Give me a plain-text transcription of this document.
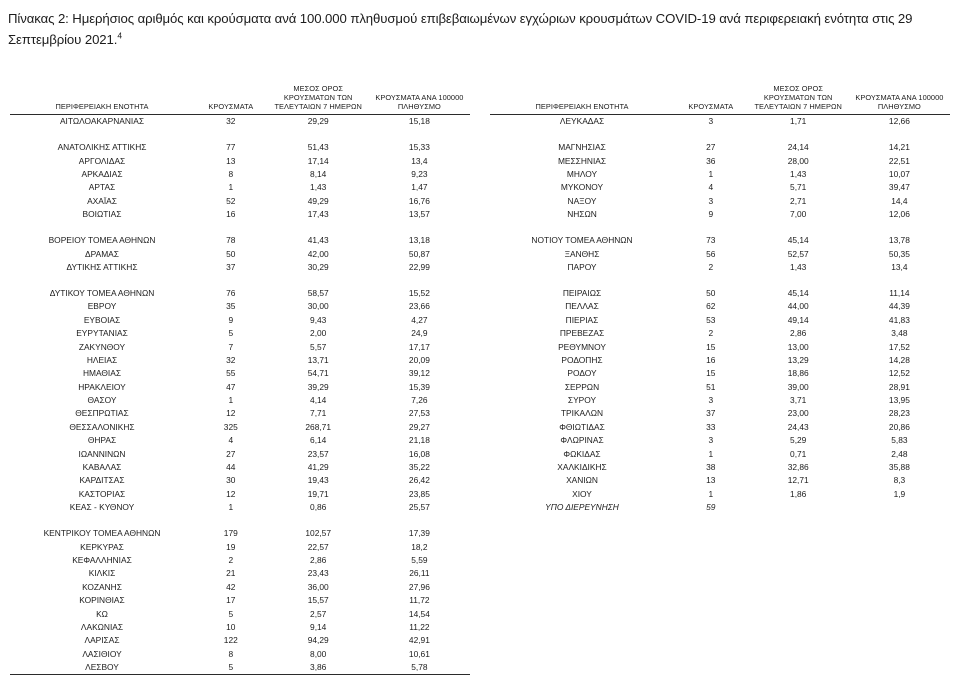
Πίνακας 2: Ημερήσιος αριθμός και κρούσματα ανά 100.000 πληθυσμού επιβεβαιωμένων εγχώριων κρουσμάτων COVID-19 ανά περιφερειακή ενότητα στις 29 Σεπτεμβρίου 2021.$^4$
ΠΕΡΙΦΕΡΕΙΑΚΗ ΕΝΟΤΗΤΑ	ΚΡΟΥΣΜΑΤΑ	ΜΕΣΟΣ ΟΡΟΣ ΚΡΟΥΣΜΑΤΩΝ ΤΩΝ
ΤΕΛΕΥΤΑΙΩΝ 7 ΗΜΕΡΩΝ	ΚΡΟΥΣΜΑΤΑ ΑΝΑ 100000
ΠΛΗΘΥΣΜΟ
ΑΙΤΩΛΟΑΚΑΡΝΑΝΙΑΣ	32	29,29	15,18

ΑΝΑΤΟΛΙΚΗΣ ΑΤΤΙΚΗΣ	77	51,43	15,33
ΑΡΓΟΛΙΔΑΣ	13	17,14	13,4
ΑΡΚΑΔΙΑΣ	8	8,14	9,23
ΑΡΤΑΣ	1	1,43	1,47
ΑΧΑΪΑΣ	52	49,29	16,76
ΒΟΙΩΤΙΑΣ	16	17,43	13,57

ΒΟΡΕΙΟΥ ΤΟΜΕΑ ΑΘΗΝΩΝ	78	41,43	13,18
ΔΡΑΜΑΣ	50	42,00	50,87
ΔΥΤΙΚΗΣ ΑΤΤΙΚΗΣ	37	30,29	22,99

ΔΥΤΙΚΟΥ ΤΟΜΕΑ ΑΘΗΝΩΝ	76	58,57	15,52
ΕΒΡΟΥ	35	30,00	23,66
ΕΥΒΟΙΑΣ	9	9,43	4,27
ΕΥΡΥΤΑΝΙΑΣ	5	2,00	24,9
ΖΑΚΥΝΘΟΥ	7	5,57	17,17
ΗΛΕΙΑΣ	32	13,71	20,09
ΗΜΑΘΙΑΣ	55	54,71	39,12
ΗΡΑΚΛΕΙΟΥ	47	39,29	15,39
ΘΑΣΟΥ	1	4,14	7,26
ΘΕΣΠΡΩΤΙΑΣ	12	7,71	27,53
ΘΕΣΣΑΛΟΝΙΚΗΣ	325	268,71	29,27
ΘΗΡΑΣ	4	6,14	21,18
ΙΩΑΝΝΙΝΩΝ	27	23,57	16,08
ΚΑΒΑΛΑΣ	44	41,29	35,22
ΚΑΡΔΙΤΣΑΣ	30	19,43	26,42
ΚΑΣΤΟΡΙΑΣ	12	19,71	23,85
ΚΕΑΣ - ΚΥΘΝΟΥ	1	0,86	25,57

ΚΕΝΤΡΙΚΟΥ ΤΟΜΕΑ ΑΘΗΝΩΝ	179	102,57	17,39
ΚΕΡΚΥΡΑΣ	19	22,57	18,2
ΚΕΦΑΛΛΗΝΙΑΣ	2	2,86	5,59
ΚΙΛΚΙΣ	21	23,43	26,11
ΚΟΖΑΝΗΣ	42	36,00	27,96
ΚΟΡΙΝΘΙΑΣ	17	15,57	11,72
ΚΩ	5	2,57	14,54
ΛΑΚΩΝΙΑΣ	10	9,14	11,22
ΛΑΡΙΣΑΣ	122	94,29	42,91
ΛΑΣΙΘΙΟΥ	8	8,00	10,61
ΛΕΣΒΟΥ	5	3,86	5,78
ΠΕΡΙΦΕΡΕΙΑΚΗ ΕΝΟΤΗΤΑ	ΚΡΟΥΣΜΑΤΑ	ΜΕΣΟΣ ΟΡΟΣ ΚΡΟΥΣΜΑΤΩΝ ΤΩΝ
ΤΕΛΕΥΤΑΙΩΝ 7 ΗΜΕΡΩΝ	ΚΡΟΥΣΜΑΤΑ ΑΝΑ 100000
ΠΛΗΘΥΣΜΟ
ΛΕΥΚΑΔΑΣ	3	1,71	12,66

ΜΑΓΝΗΣΙΑΣ	27	24,14	14,21
ΜΕΣΣΗΝΙΑΣ	36	28,00	22,51
ΜΗΛΟΥ	1	1,43	10,07
ΜΥΚΟΝΟΥ	4	5,71	39,47
ΝΑΞΟΥ	3	2,71	14,4
ΝΗΣΩΝ	9	7,00	12,06

ΝΟΤΙΟΥ ΤΟΜΕΑ ΑΘΗΝΩΝ	73	45,14	13,78
ΞΑΝΘΗΣ	56	52,57	50,35
ΠΑΡΟΥ	2	1,43	13,4

ΠΕΙΡΑΙΩΣ	50	45,14	11,14
ΠΕΛΛΑΣ	62	44,00	44,39
ΠΙΕΡΙΑΣ	53	49,14	41,83
ΠΡΕΒΕΖΑΣ	2	2,86	3,48
ΡΕΘΥΜΝΟΥ	15	13,00	17,52
ΡΟΔΟΠΗΣ	16	13,29	14,28
ΡΟΔΟΥ	15	18,86	12,52
ΣΕΡΡΩΝ	51	39,00	28,91
ΣΥΡΟΥ	3	3,71	13,95
ΤΡΙΚΑΛΩΝ	37	23,00	28,23
ΦΘΙΩΤΙΔΑΣ	33	24,43	20,86
ΦΛΩΡΙΝΑΣ	3	5,29	5,83
ΦΩΚΙΔΑΣ	1	0,71	2,48
ΧΑΛΚΙΔΙΚΗΣ	38	32,86	35,88
ΧΑΝΙΩΝ	13	12,71	8,3
ΧΙΟΥ	1	1,86	1,9
ΥΠΟ ΔΙΕΡΕΥΝΗΣΗ	59		
